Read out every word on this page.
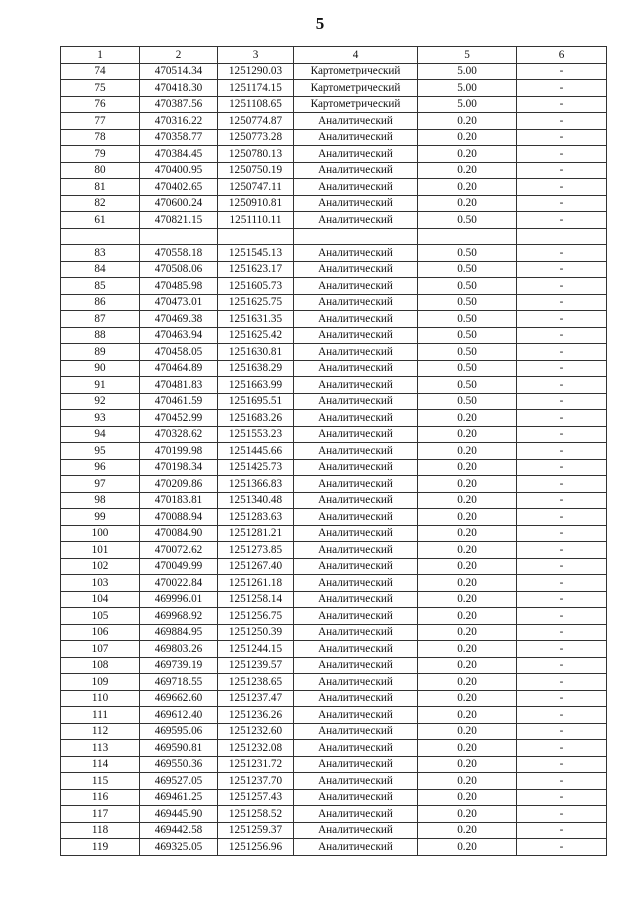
5
1	2	3	4	5	6
74	470514.34	1251290.03	Картометрический	5.00	-
75	470418.30	1251174.15	Картометрический	5.00	-
76	470387.56	1251108.65	Картометрический	5.00	-
77	470316.22	1250774.87	Аналитический	0.20	-
78	470358.77	1250773.28	Аналитический	0.20	-
79	470384.45	1250780.13	Аналитический	0.20	-
80	470400.95	1250750.19	Аналитический	0.20	-
81	470402.65	1250747.11	Аналитический	0.20	-
82	470600.24	1250910.81	Аналитический	0.20	-
61	470821.15	1251110.11	Аналитический	0.50	-

83	470558.18	1251545.13	Аналитический	0.50	-
84	470508.06	1251623.17	Аналитический	0.50	-
85	470485.98	1251605.73	Аналитический	0.50	-
86	470473.01	1251625.75	Аналитический	0.50	-
87	470469.38	1251631.35	Аналитический	0.50	-
88	470463.94	1251625.42	Аналитический	0.50	-
89	470458.05	1251630.81	Аналитический	0.50	-
90	470464.89	1251638.29	Аналитический	0.50	-
91	470481.83	1251663.99	Аналитический	0.50	-
92	470461.59	1251695.51	Аналитический	0.50	-
93	470452.99	1251683.26	Аналитический	0.20	-
94	470328.62	1251553.23	Аналитический	0.20	-
95	470199.98	1251445.66	Аналитический	0.20	-
96	470198.34	1251425.73	Аналитический	0.20	-
97	470209.86	1251366.83	Аналитический	0.20	-
98	470183.81	1251340.48	Аналитический	0.20	-
99	470088.94	1251283.63	Аналитический	0.20	-
100	470084.90	1251281.21	Аналитический	0.20	-
101	470072.62	1251273.85	Аналитический	0.20	-
102	470049.99	1251267.40	Аналитический	0.20	-
103	470022.84	1251261.18	Аналитический	0.20	-
104	469996.01	1251258.14	Аналитический	0.20	-
105	469968.92	1251256.75	Аналитический	0.20	-
106	469884.95	1251250.39	Аналитический	0.20	-
107	469803.26	1251244.15	Аналитический	0.20	-
108	469739.19	1251239.57	Аналитический	0.20	-
109	469718.55	1251238.65	Аналитический	0.20	-
110	469662.60	1251237.47	Аналитический	0.20	-
111	469612.40	1251236.26	Аналитический	0.20	-
112	469595.06	1251232.60	Аналитический	0.20	-
113	469590.81	1251232.08	Аналитический	0.20	-
114	469550.36	1251231.72	Аналитический	0.20	-
115	469527.05	1251237.70	Аналитический	0.20	-
116	469461.25	1251257.43	Аналитический	0.20	-
117	469445.90	1251258.52	Аналитический	0.20	-
118	469442.58	1251259.37	Аналитический	0.20	-
119	469325.05	1251256.96	Аналитический	0.20	-
